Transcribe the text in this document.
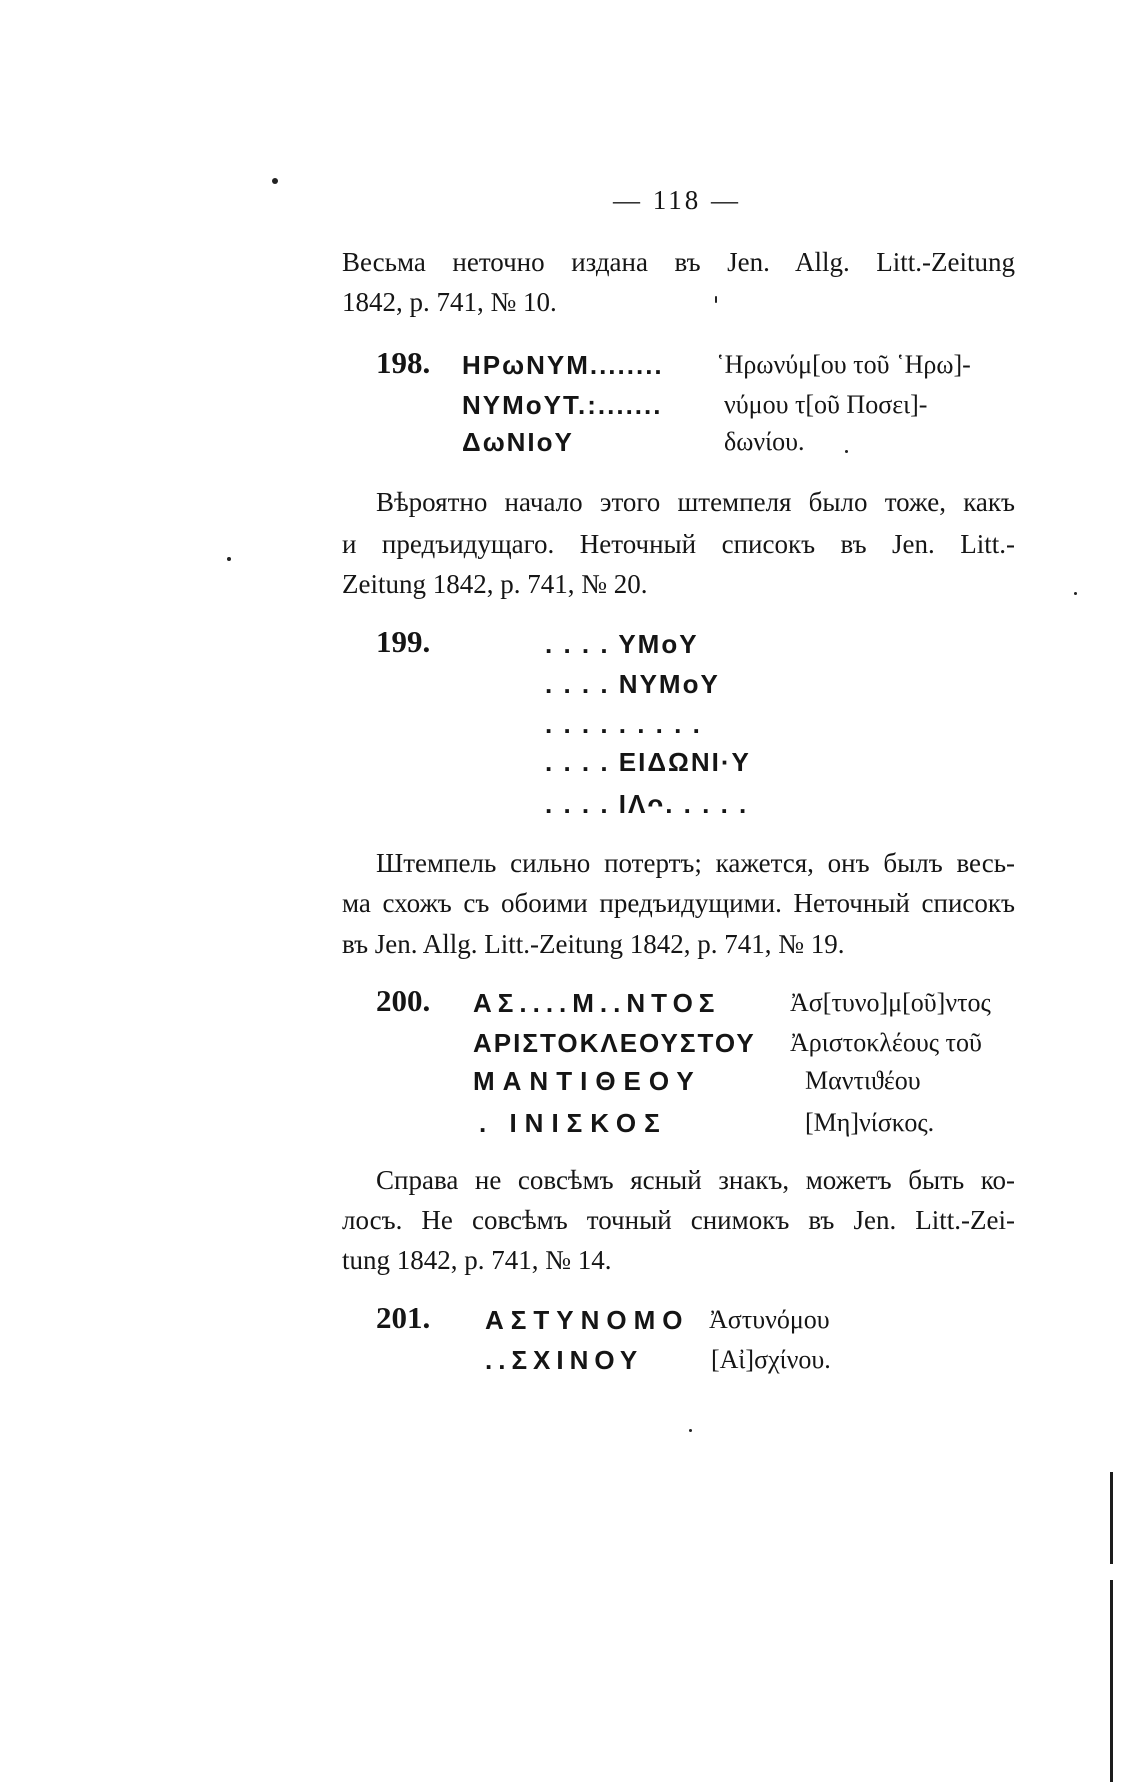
— 118 —
Весьма неточно издана въ Jen. Allg. Litt.-Zeitung
1842, p. 741, № 10.
198. ΗΡωΝΥΜ........
ΝΥΜοΥΤ.:.......
ΔωΝΙοΥ
῾Ηρωνύμ[ου τοῦ ῾Ηρω]-
νύμου τ[οῦ Ποσει]-
δωνίου.
Вѣроятно начало этого штемпеля было тоже, какъ
и предъидущаго. Неточный списокъ въ Jen. Litt.-
Zeitung 1842, p. 741, № 20.
199.	. . . . ΥΜοΥ
. . . . ΝΥΜοΥ
. . . . . . . . .
. . . . ΕΙΔΩΝΙ·Υ
. . . . ΙΛᴖ. . . . .
Штемпель сильно потертъ; кажется, онъ былъ весь-
ма схожъ съ обоими предъидущими. Неточный списокъ
въ Jen. Allg. Litt.-Zeitung 1842, p. 741, № 19.
200. ΑΣ....Μ..ΝΤΟΣ
ΑΡΙΣΤΟΚΛΕΟΥΣΤΟΥ
ΜΑΝΤΙΘΕΟΥ
. ΙΝΙΣΚΟΣ
Ἀσ[τυνο]μ[οῦ]ντος
Ἀριστοκλέους τοῦ
Μαντιϑέου
[Μη]νίσκος.
Справа не совсѣмъ ясный знакъ, можетъ быть ко-
лосъ. Не совсѣмъ точный снимокъ въ Jen. Litt.-Zei-
tung 1842, p. 741, № 14.
201. ΑΣΤΥΝΟΜΟ
..ΣΧΙΝΟΥ
Ἀστυνόμου
[Αἰ]σχίνου.
